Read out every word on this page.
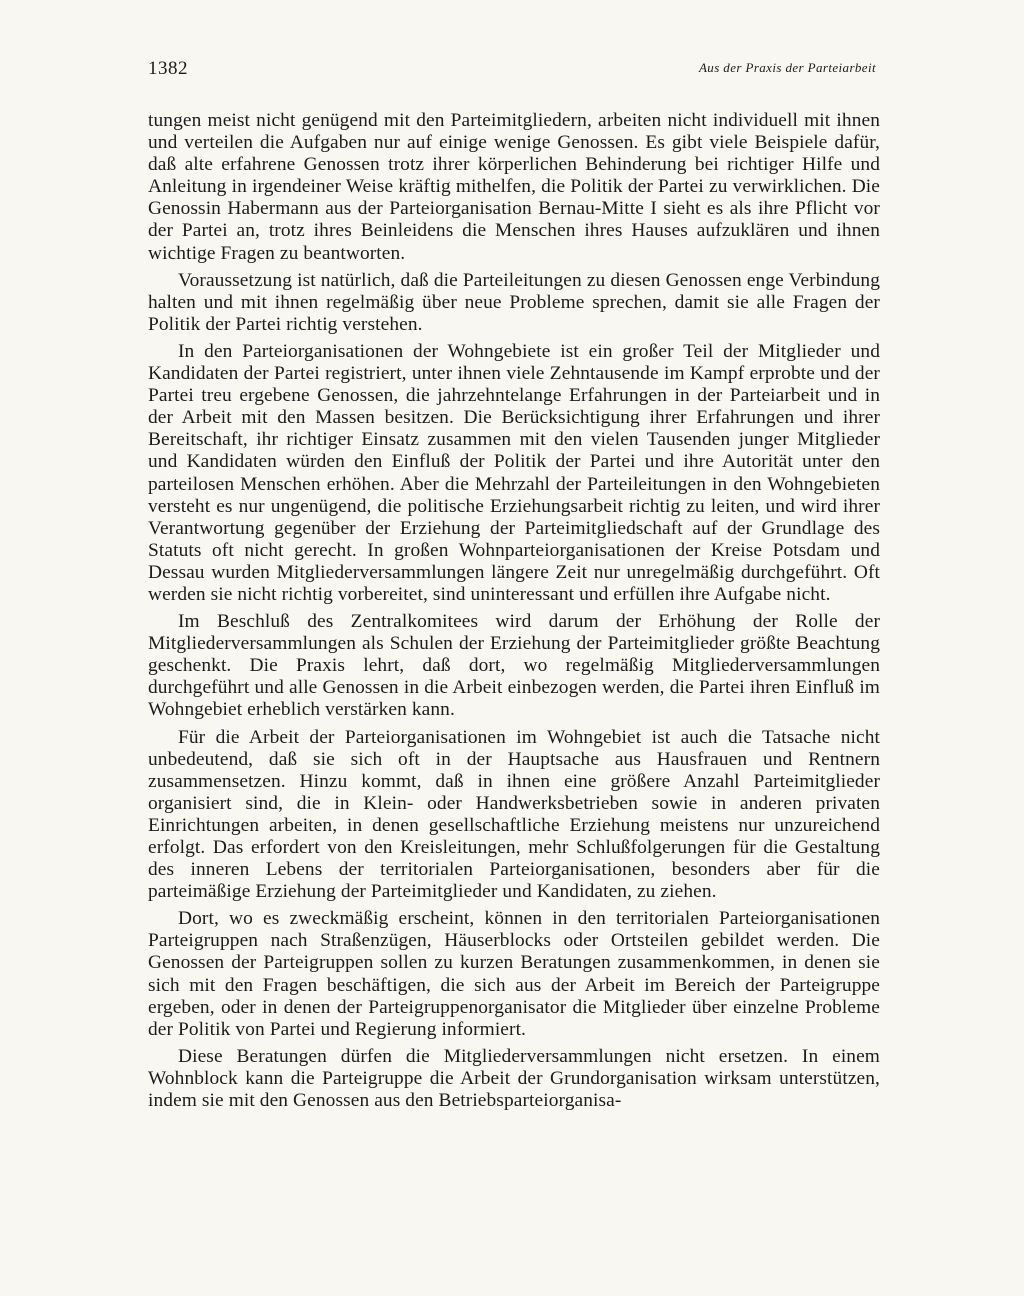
1382	Aus der Praxis der Parteiarbeit

tungen meist nicht genügend mit den Parteimitgliedern, arbeiten nicht individuell mit ihnen und verteilen die Aufgaben nur auf einige wenige Genossen. Es gibt viele Beispiele dafür, daß alte erfahrene Genossen trotz ihrer körperlichen Behinderung bei richtiger Hilfe und Anleitung in irgendeiner Weise kräftig mithelfen, die Politik der Partei zu verwirklichen. Die Genossin Habermann aus der Parteiorganisation Bernau-Mitte I sieht es als ihre Pflicht vor der Partei an, trotz ihres Beinleidens die Menschen ihres Hauses aufzuklären und ihnen wichtige Fragen zu beantworten.

Voraussetzung ist natürlich, daß die Parteileitungen zu diesen Genossen enge Verbindung halten und mit ihnen regelmäßig über neue Probleme sprechen, damit sie alle Fragen der Politik der Partei richtig verstehen.

In den Parteiorganisationen der Wohngebiete ist ein großer Teil der Mitglieder und Kandidaten der Partei registriert, unter ihnen viele Zehntausende im Kampf erprobte und der Partei treu ergebene Genossen, die jahrzehntelange Erfahrungen in der Parteiarbeit und in der Arbeit mit den Massen besitzen. Die Berücksichtigung ihrer Erfahrungen und ihrer Bereitschaft, ihr richtiger Einsatz zusammen mit den vielen Tausenden junger Mitglieder und Kandidaten würden den Einfluß der Politik der Partei und ihre Autorität unter den parteilosen Menschen erhöhen. Aber die Mehrzahl der Parteileitungen in den Wohngebieten versteht es nur ungenügend, die politische Erziehungsarbeit richtig zu leiten, und wird ihrer Verantwortung gegenüber der Erziehung der Parteimitgliedschaft auf der Grundlage des Statuts oft nicht gerecht. In großen Wohnparteiorganisationen der Kreise Potsdam und Dessau wurden Mitgliederversammlungen längere Zeit nur unregelmäßig durchgeführt. Oft werden sie nicht richtig vorbereitet, sind uninteressant und erfüllen ihre Aufgabe nicht.

Im Beschluß des Zentralkomitees wird darum der Erhöhung der Rolle der Mitgliederversammlungen als Schulen der Erziehung der Parteimitglieder größte Beachtung geschenkt. Die Praxis lehrt, daß dort, wo regelmäßig Mitgliederversammlungen durchgeführt und alle Genossen in die Arbeit einbezogen werden, die Partei ihren Einfluß im Wohngebiet erheblich verstärken kann.

Für die Arbeit der Parteiorganisationen im Wohngebiet ist auch die Tatsache nicht unbedeutend, daß sie sich oft in der Hauptsache aus Hausfrauen und Rentnern zusammensetzen. Hinzu kommt, daß in ihnen eine größere Anzahl Parteimitglieder organisiert sind, die in Klein- oder Handwerksbetrieben sowie in anderen privaten Einrichtungen arbeiten, in denen gesellschaftliche Erziehung meistens nur unzureichend erfolgt. Das erfordert von den Kreisleitungen, mehr Schlußfolgerungen für die Gestaltung des inneren Lebens der territorialen Parteiorganisationen, besonders aber für die parteimäßige Erziehung der Parteimitglieder und Kandidaten, zu ziehen.

Dort, wo es zweckmäßig erscheint, können in den territorialen Parteiorganisationen Parteigruppen nach Straßenzügen, Häuserblocks oder Ortsteilen gebildet werden. Die Genossen der Parteigruppen sollen zu kurzen Beratungen zusammenkommen, in denen sie sich mit den Fragen beschäftigen, die sich aus der Arbeit im Bereich der Parteigruppe ergeben, oder in denen der Parteigruppenorganisator die Mitglieder über einzelne Probleme der Politik von Partei und Regierung informiert.

Diese Beratungen dürfen die Mitgliederversammlungen nicht ersetzen. In einem Wohnblock kann die Parteigruppe die Arbeit der Grundorganisation wirksam unterstützen, indem sie mit den Genossen aus den Betriebsparteiorganisa-
